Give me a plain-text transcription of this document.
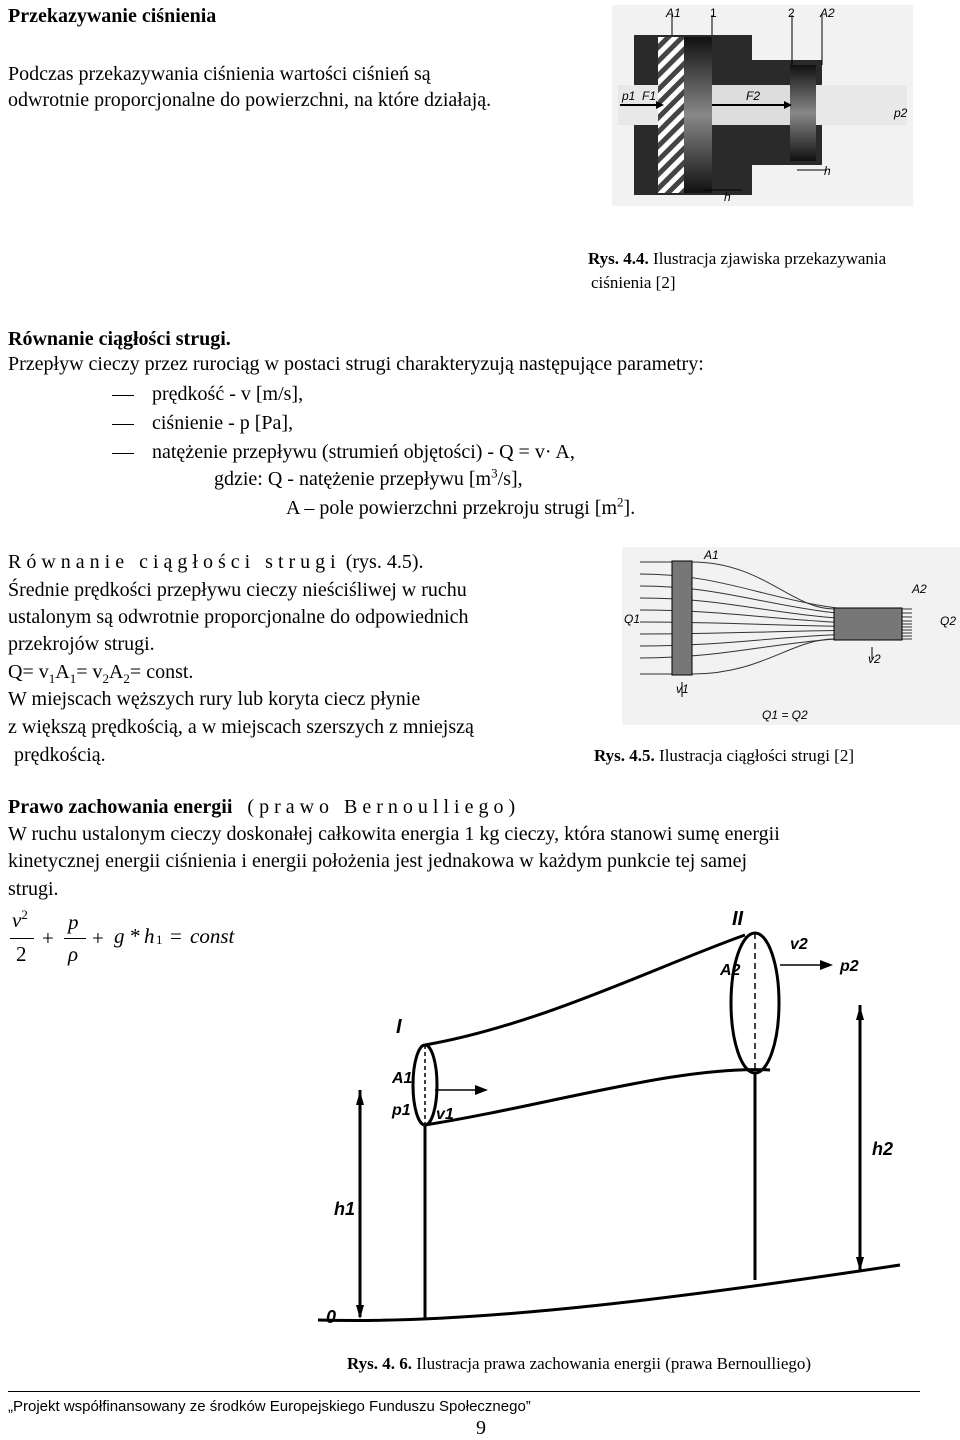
Przekazywanie ciśnienia
Podczas przekazywania ciśnienia wartości ciśnień są
odwrotnie proporcjonalne do powierzchni, na które działają.
A1 1	2 A2
p1 F1	F2
p2
h
h
Rys. 4.4. Ilustracja zjawiska przekazywania
ciśnienia [2]
Równanie ciągłości strugi.
Przepływ cieczy przez rurociąg w postaci strugi charakteryzują następujące parametry:
prędkość - v [m/s],
ciśnienie - p [Pa],
natężenie przepływu (strumień objętości) - Q = v· A,
gdzie: Q - natężenie przepływu $[m^3/s]$,
A – pole powierzchni przekroju strugi $[m^2]$.
Równanie ciągłości strugi (rys. 4.5).
Średnie prędkości przepływu cieczy nieściśliwej w ruchu
ustalonym są odwrotnie proporcjonalne do odpowiednich
przekrojów strugi.
$Q= v_1A_1= v_2A_2=$ const.
W miejscach węższych rury lub koryta ciecz płynie
z większą prędkością, a w miejscach szerszych z mniejszą
prędkością.
A1
A2
Q1	Q2
v1
v2
Q1 = Q2
Rys. 4.5. Ilustracja ciągłości strugi [2]
Prawo zachowania energii (prawo Bernoulliego)
W ruchu ustalonym cieczy doskonałej całkowita energia 1 kg cieczy, która stanowi sumę energii
kinetycznej energii ciśnienia i energii położenia jest jednakowa w każdym punkcie tej samej
strugi.
$v^2$
2
+
p
ρ
+ g * h 1 = const
I
II
A1
p1 v1
A2
v2
p2
h1
h2
0
Rys. 4. 6. Ilustracja prawa zachowania energii (prawa Bernoulliego)
„Projekt współfinansowany ze środków Europejskiego Funduszu Społecznego”
9
